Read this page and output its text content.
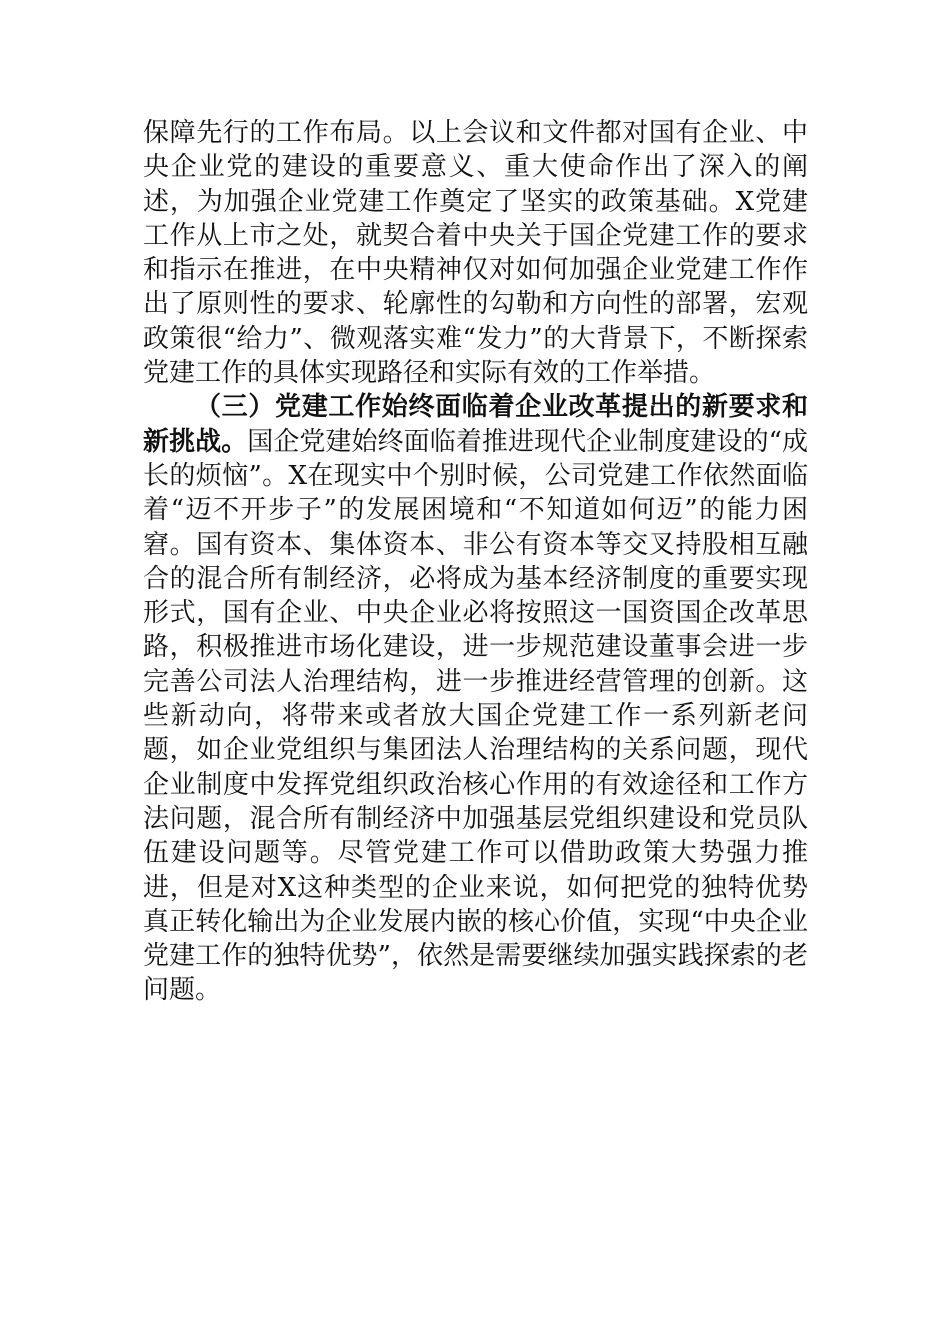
保障先行的工作布局。以上会议和文件都对国有企业、中央企业党的建设的重要意义、重大使命作出了深入的阐述，为加强企业党建工作奠定了坚实的政策基础。X党建工作从上市之处，就契合着中央关于国企党建工作的要求和指示在推进，在中央精神仅对如何加强企业党建工作作出了原则性的要求、轮廓性的勾勒和方向性的部署，宏观政策很“给力”、微观落实难“发力”的大背景下，不断探索党建工作的具体实现路径和实际有效的工作举措。

（三）党建工作始终面临着企业改革提出的新要求和新挑战。国企党建始终面临着推进现代企业制度建设的“成长的烦恼”。X在现实中个别时候，公司党建工作依然面临着“迈不开步子”的发展困境和“不知道如何迈”的能力困窘。国有资本、集体资本、非公有资本等交叉持股相互融合的混合所有制经济，必将成为基本经济制度的重要实现形式，国有企业、中央企业必将按照这一国资国企改革思路，积极推进市场化建设，进一步规范建设董事会进一步完善公司法人治理结构，进一步推进经营管理的创新。这些新动向，将带来或者放大国企党建工作一系列新老问题，如企业党组织与集团法人治理结构的关系问题，现代企业制度中发挥党组织政治核心作用的有效途径和工作方法问题，混合所有制经济中加强基层党组织建设和党员队伍建设问题等。尽管党建工作可以借助政策大势强力推进，但是对X这种类型的企业来说，如何把党的独特优势真正转化输出为企业发展内嵌的核心价值，实现“中央企业党建工作的独特优势”，依然是需要继续加强实践探索的老问题。
